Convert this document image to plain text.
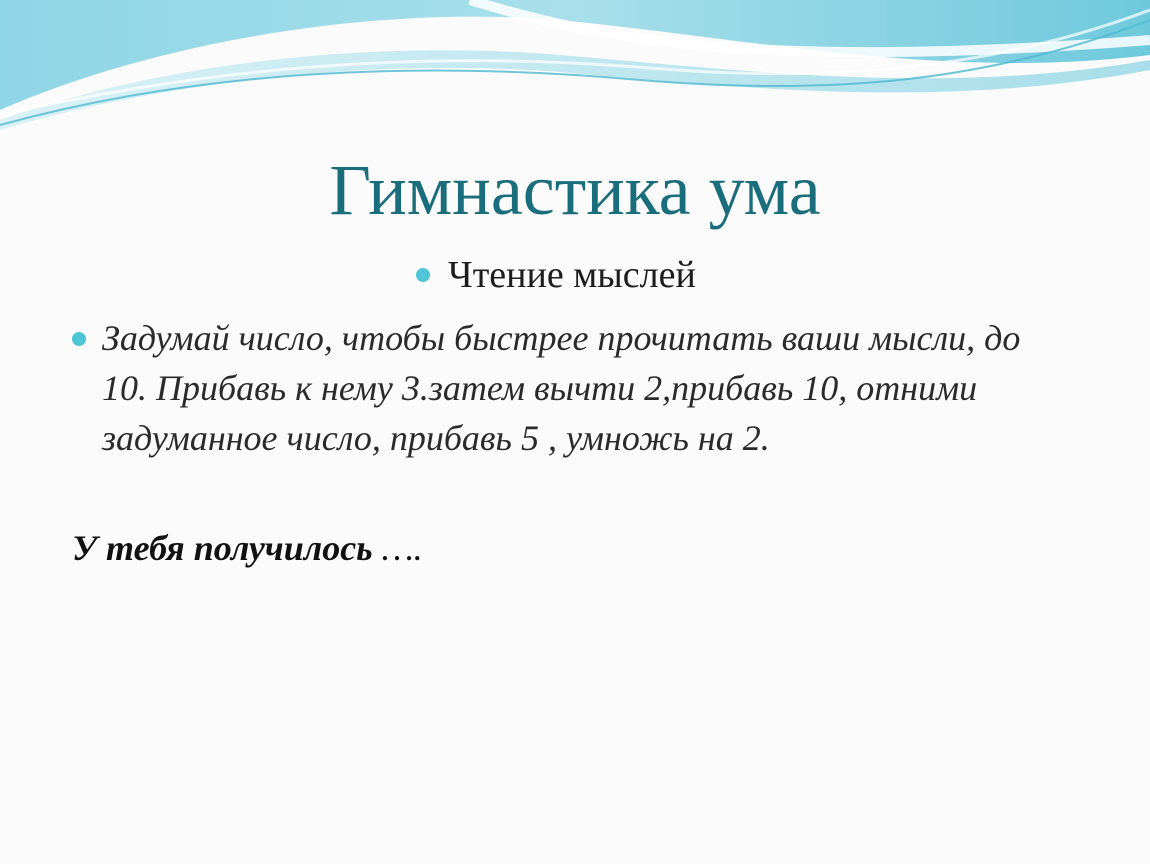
Гимнастика ума
Чтение мыслей
Задумай число, чтобы быстрее прочитать ваши мысли, до 10. Прибавь к нему 3.затем вычти 2,прибавь 10, отними задуманное число, прибавь 5 , умножь на 2.
У тебя получилось ….
